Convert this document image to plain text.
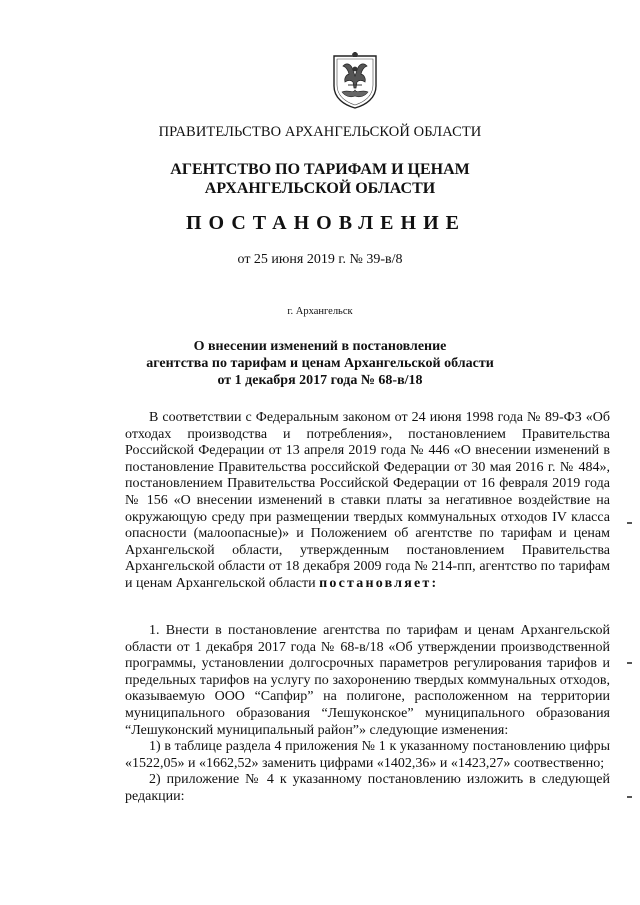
ПРАВИТЕЛЬСТВО АРХАНГЕЛЬСКОЙ ОБЛАСТИ
АГЕНТСТВО ПО ТАРИФАМ И ЦЕНАМ
АРХАНГЕЛЬСКОЙ ОБЛАСТИ
ПОСТАНОВЛЕНИЕ
от 25 июня 2019 г. № 39-в/8
г. Архангельск
О внесении изменений в постановление
агентства по тарифам и ценам Архангельской области
от 1 декабря 2017 года № 68-в/18

В соответствии с Федеральным законом от 24 июня 1998 года № 89-ФЗ «Об отходах производства и потребления», постановлением Правительства Российской Федерации от 13 апреля 2019 года № 446 «О внесении изменений в постановление Правительства российской Федерации от 30 мая 2016 г. № 484», постановлением Правительства Российской Федерации от 16 февраля 2019 года № 156 «О внесении изменений в ставки платы за негативное воздействие на окружающую среду при размещении твердых коммунальных отходов IV класса опасности (малоопасные)» и Положением об агентстве по тарифам и ценам Архангельской области, утвержденным постановлением Правительства Архангельской области от 18 декабря 2009 года № 214-пп, агентство по тарифам и ценам Архангельской области постановляет:

1. Внести в постановление агентства по тарифам и ценам Архангельской области от 1 декабря 2017 года № 68-в/18 «Об утверждении производственной программы, установлении долгосрочных параметров регулирования тарифов и предельных тарифов на услугу по захоронению твердых коммунальных отходов, оказываемую ООО “Сапфир” на полигоне, расположенном на территории муниципального образования “Лешуконское” муниципального образования “Лешуконский муниципальный район”» следующие изменения:

1) в таблице раздела 4 приложения № 1 к указанному постановлению цифры «1522,05» и «1662,52» заменить цифрами «1402,36» и «1423,27» соотвественно;

2) приложение № 4 к указанному постановлению изложить в следующей редакции:
